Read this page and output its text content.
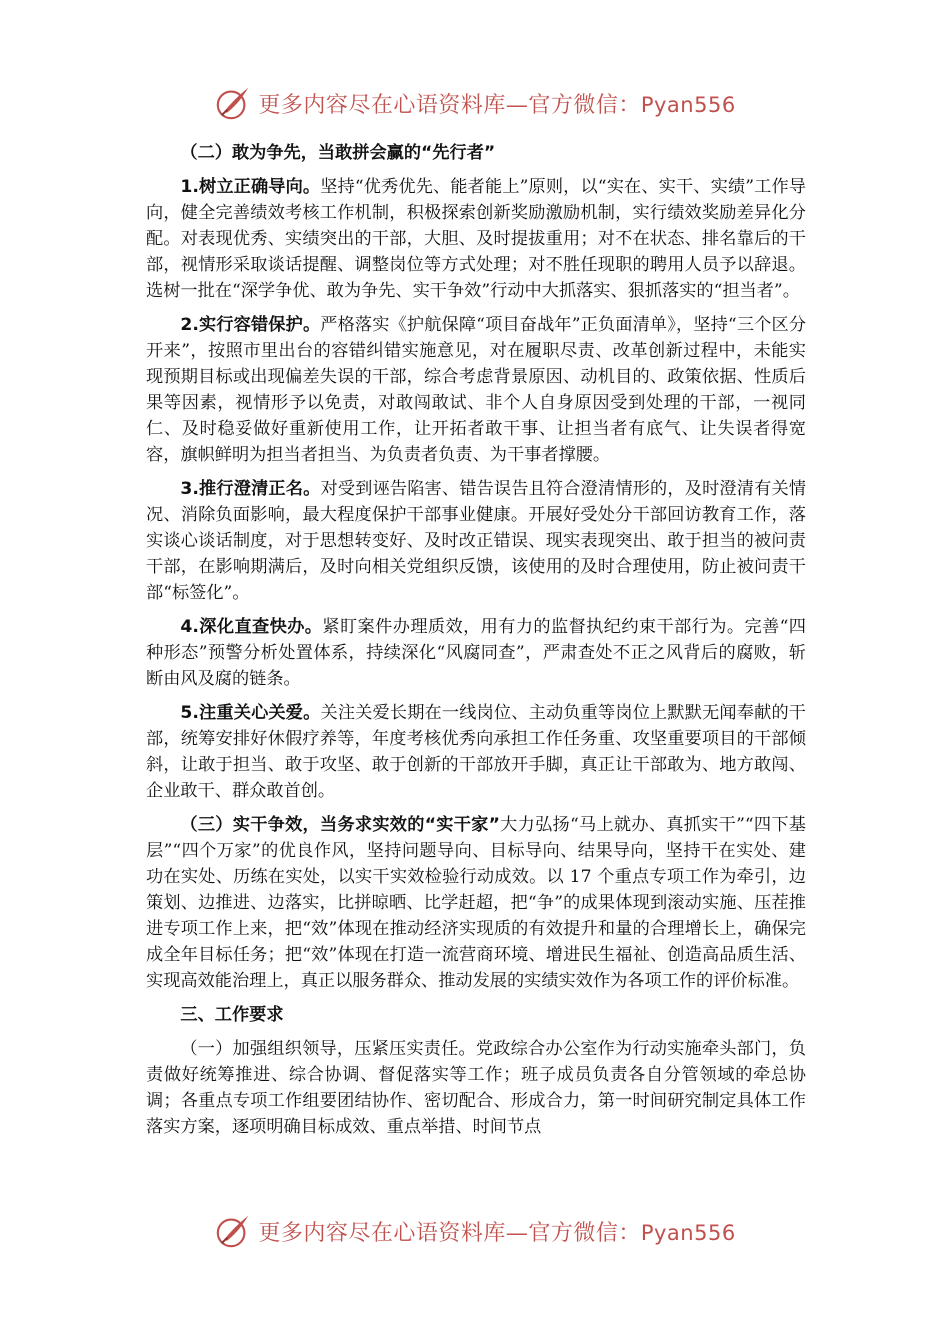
更多内容尽在心语资料库—官方微信：Pyan556

（二）敢为争先，当敢拼会赢的“先行者”

1.树立正确导向。坚持“优秀优先、能者能上”原则，以“实在、实干、实绩”工作导向，健全完善绩效考核工作机制，积极探索创新奖励激励机制，实行绩效奖励差异化分配。对表现优秀、实绩突出的干部，大胆、及时提拔重用；对不在状态、排名靠后的干部，视情形采取谈话提醒、调整岗位等方式处理；对不胜任现职的聘用人员予以辞退。选树一批在“深学争优、敢为争先、实干争效”行动中大抓落实、狠抓落实的“担当者”。

2.实行容错保护。严格落实《护航保障“项目奋战年”正负面清单》，坚持“三个区分开来”，按照市里出台的容错纠错实施意见，对在履职尽责、改革创新过程中，未能实现预期目标或出现偏差失误的干部，综合考虑背景原因、动机目的、政策依据、性质后果等因素，视情形予以免责，对敢闯敢试、非个人自身原因受到处理的干部，一视同仁、及时稳妥做好重新使用工作，让开拓者敢干事、让担当者有底气、让失误者得宽容，旗帜鲜明为担当者担当、为负责者负责、为干事者撑腰。

3.推行澄清正名。对受到诬告陷害、错告误告且符合澄清情形的，及时澄清有关情况、消除负面影响，最大程度保护干部事业健康。开展好受处分干部回访教育工作，落实谈心谈话制度，对于思想转变好、及时改正错误、现实表现突出、敢于担当的被问责干部，在影响期满后，及时向相关党组织反馈，该使用的及时合理使用，防止被问责干部“标签化”。

4.深化直查快办。紧盯案件办理质效，用有力的监督执纪约束干部行为。完善“四种形态”预警分析处置体系，持续深化“风腐同查”，严肃查处不正之风背后的腐败，斩断由风及腐的链条。

5.注重关心关爱。关注关爱长期在一线岗位、主动负重等岗位上默默无闻奉献的干部，统筹安排好休假疗养等，年度考核优秀向承担工作任务重、攻坚重要项目的干部倾斜，让敢于担当、敢于攻坚、敢于创新的干部放开手脚，真正让干部敢为、地方敢闯、企业敢干、群众敢首创。

（三）实干争效，当务求实效的“实干家”大力弘扬“马上就办、真抓实干”“四下基层”“四个万家”的优良作风，坚持问题导向、目标导向、结果导向，坚持干在实处、建功在实处、历练在实处，以实干实效检验行动成效。以 17 个重点专项工作为牵引，边策划、边推进、边落实，比拼晾晒、比学赶超，把“争”的成果体现到滚动实施、压茬推进专项工作上来，把“效”体现在推动经济实现质的有效提升和量的合理增长上，确保完成全年目标任务；把“效”体现在打造一流营商环境、增进民生福祉、创造高品质生活、实现高效能治理上，真正以服务群众、推动发展的实绩实效作为各项工作的评价标准。

三、工作要求

（一）加强组织领导，压紧压实责任。党政综合办公室作为行动实施牵头部门，负责做好统筹推进、综合协调、督促落实等工作；班子成员负责各自分管领域的牵总协调；各重点专项工作组要团结协作、密切配合、形成合力，第一时间研究制定具体工作落实方案，逐项明确目标成效、重点举措、时间节点

更多内容尽在心语资料库—官方微信：Pyan556
